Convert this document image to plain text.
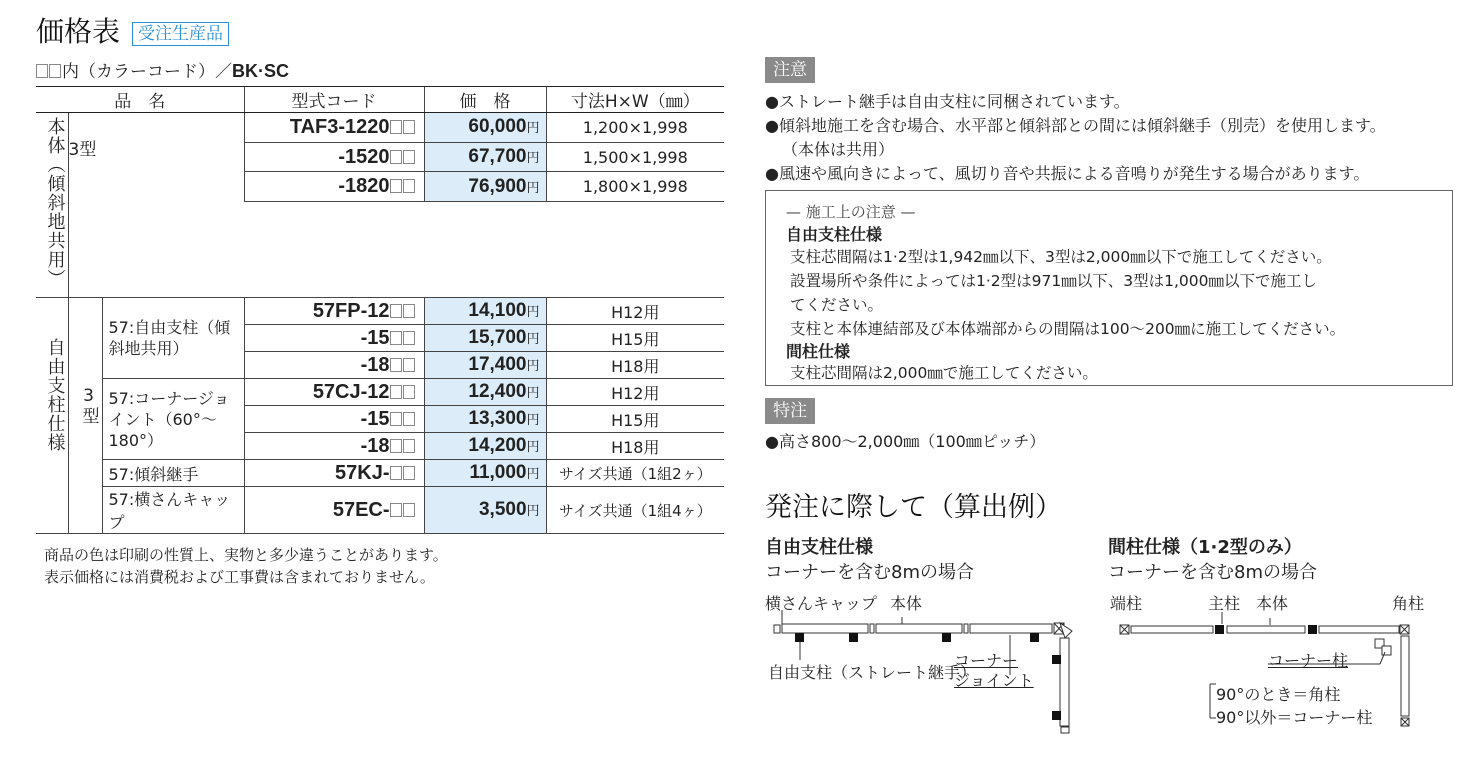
価格表	受注生産品
内（カラーコード）／BK·SC
品　名			型式コード	価　格	寸法H×W（㎜）
本体（傾斜地共用）	3型		TAF3-1220	60,000円	1,200×1,998
			-1520	67,700円	1,500×1,998
			-1820	76,900円	1,800×1,998

自由支柱仕様	3型	57:自由支柱（傾斜地共用）	57FP-12	14,100円	H12用
			-15	15,700円	H15用
			-18	17,400円	H18用
		57:コーナージョイント（60°～180°）	57CJ-12	12,400円	H12用
			-15	13,300円	H15用
			-18	14,200円	H18用
		57:傾斜継手	57KJ-	11,000円	サイズ共通（1組2ヶ）
		57:横さんキャップ	57EC-	3,500円	サイズ共通（1組4ヶ）
商品の色は印刷の性質上、実物と多少違うことがあります。
表示価格には消費税および工事費は含まれておりません。
注意
●ストレート継手は自由支柱に同梱されています。
●傾斜地施工を含む場合、水平部と傾斜部との間には傾斜継手（別売）を使用します。
（本体は共用）
●風速や風向きによって、風切り音や共振による音鳴りが発生する場合があります。
— 施工上の注意 —
自由支柱仕様
支柱芯間隔は1·2型は1,942㎜以下、3型は2,000㎜以下で施工してください。
設置場所や条件によっては1·2型は971㎜以下、3型は1,000㎜以下で施工し
てください。
支柱と本体連結部及び本体端部からの間隔は100～200㎜に施工してください。
間柱仕様
支柱芯間隔は2,000㎜で施工してください。
特注
●高さ800～2,000㎜（100㎜ピッチ）
発注に際して（算出例）
自由支柱仕様
コーナーを含む8mの場合
間柱仕様（1·2型のみ）
コーナーを含む8mの場合
横さんキャップ 本体
自由支柱（ストレート継手）
コーナー
ジョイント
端柱	主柱 本体	角柱
コーナー柱
90°のとき＝角柱
90°以外＝コーナー柱
